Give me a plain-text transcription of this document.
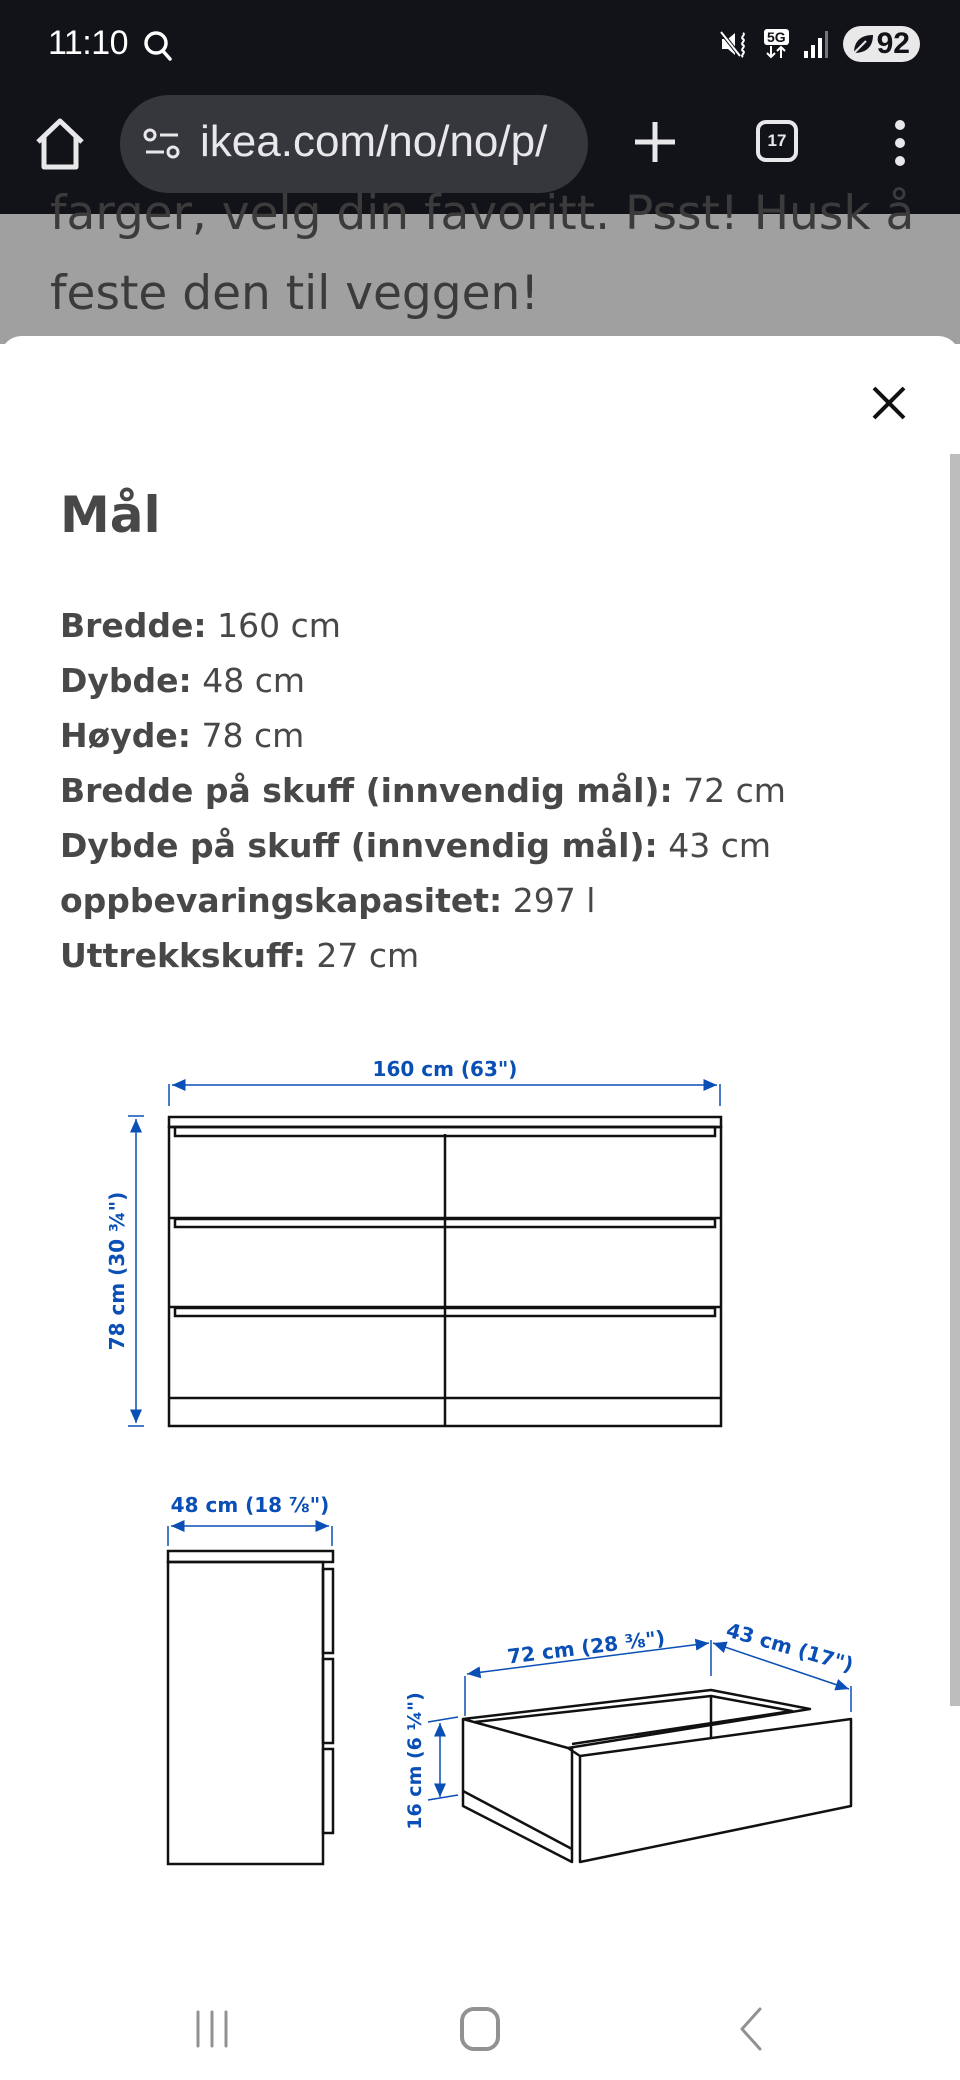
11:10	5G	92
ikea.com/no/no/p/	17
farger, velg din favoritt. Psst! Husk å
feste den til veggen!
Mål
Bredde: 160 cm
Dybde: 48 cm
Høyde: 78 cm
Bredde på skuff (innvendig mål): 72 cm
Dybde på skuff (innvendig mål): 43 cm
oppbevaringskapasitet: 297 l
Uttrekkskuff: 27 cm
160 cm (63")
78 cm (30 ¾")
48 cm (18 ⅞")
72 cm (28 ⅜")	43 cm (17")
16 cm (6 ¼")
